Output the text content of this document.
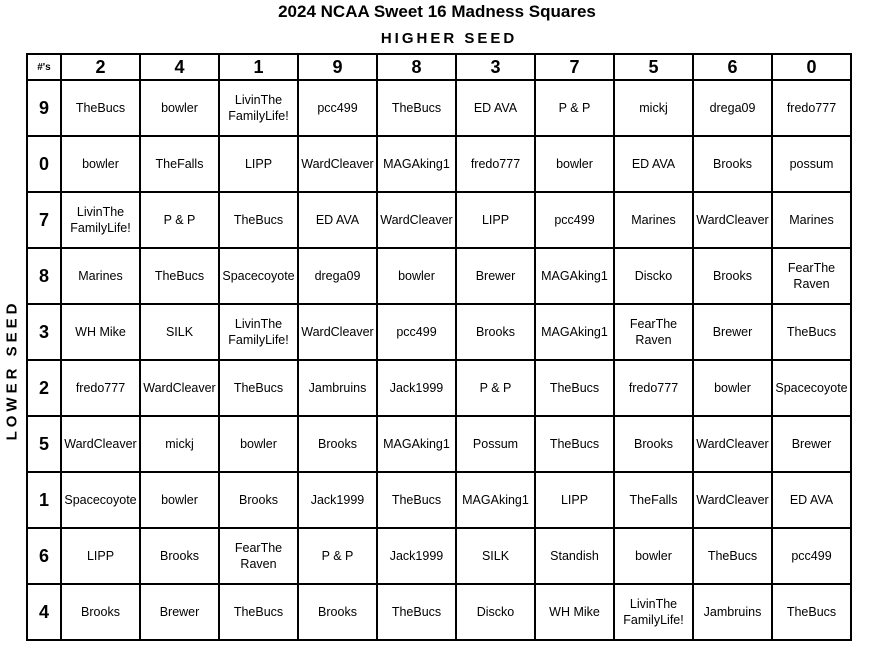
2024 NCAA Sweet 16 Madness Squares
HIGHER SEED
LOWER SEED
#'s	2	4	1	9	8	3	7	5	6	0
9	TheBucs	bowler	LivinThe FamilyLife!	pcc499	TheBucs	ED AVA	P & P	mickj	drega09	fredo777
0	bowler	TheFalls	LIPP	WardCleaver	MAGAking1	fredo777	bowler	ED AVA	Brooks	possum
7	LivinThe FamilyLife!	P & P	TheBucs	ED AVA	WardCleaver	LIPP	pcc499	Marines	WardCleaver	Marines
8	Marines	TheBucs	Spacecoyote	drega09	bowler	Brewer	MAGAking1	Discko	Brooks	FearThe Raven
3	WH Mike	SILK	LivinThe FamilyLife!	WardCleaver	pcc499	Brooks	MAGAking1	FearThe Raven	Brewer	TheBucs
2	fredo777	WardCleaver	TheBucs	Jambruins	Jack1999	P & P	TheBucs	fredo777	bowler	Spacecoyote
5	WardCleaver	mickj	bowler	Brooks	MAGAking1	Possum	TheBucs	Brooks	WardCleaver	Brewer
1	Spacecoyote	bowler	Brooks	Jack1999	TheBucs	MAGAking1	LIPP	TheFalls	WardCleaver	ED AVA
6	LIPP	Brooks	FearThe Raven	P & P	Jack1999	SILK	Standish	bowler	TheBucs	pcc499
4	Brooks	Brewer	TheBucs	Brooks	TheBucs	Discko	WH Mike	LivinThe FamilyLife!	Jambruins	TheBucs
